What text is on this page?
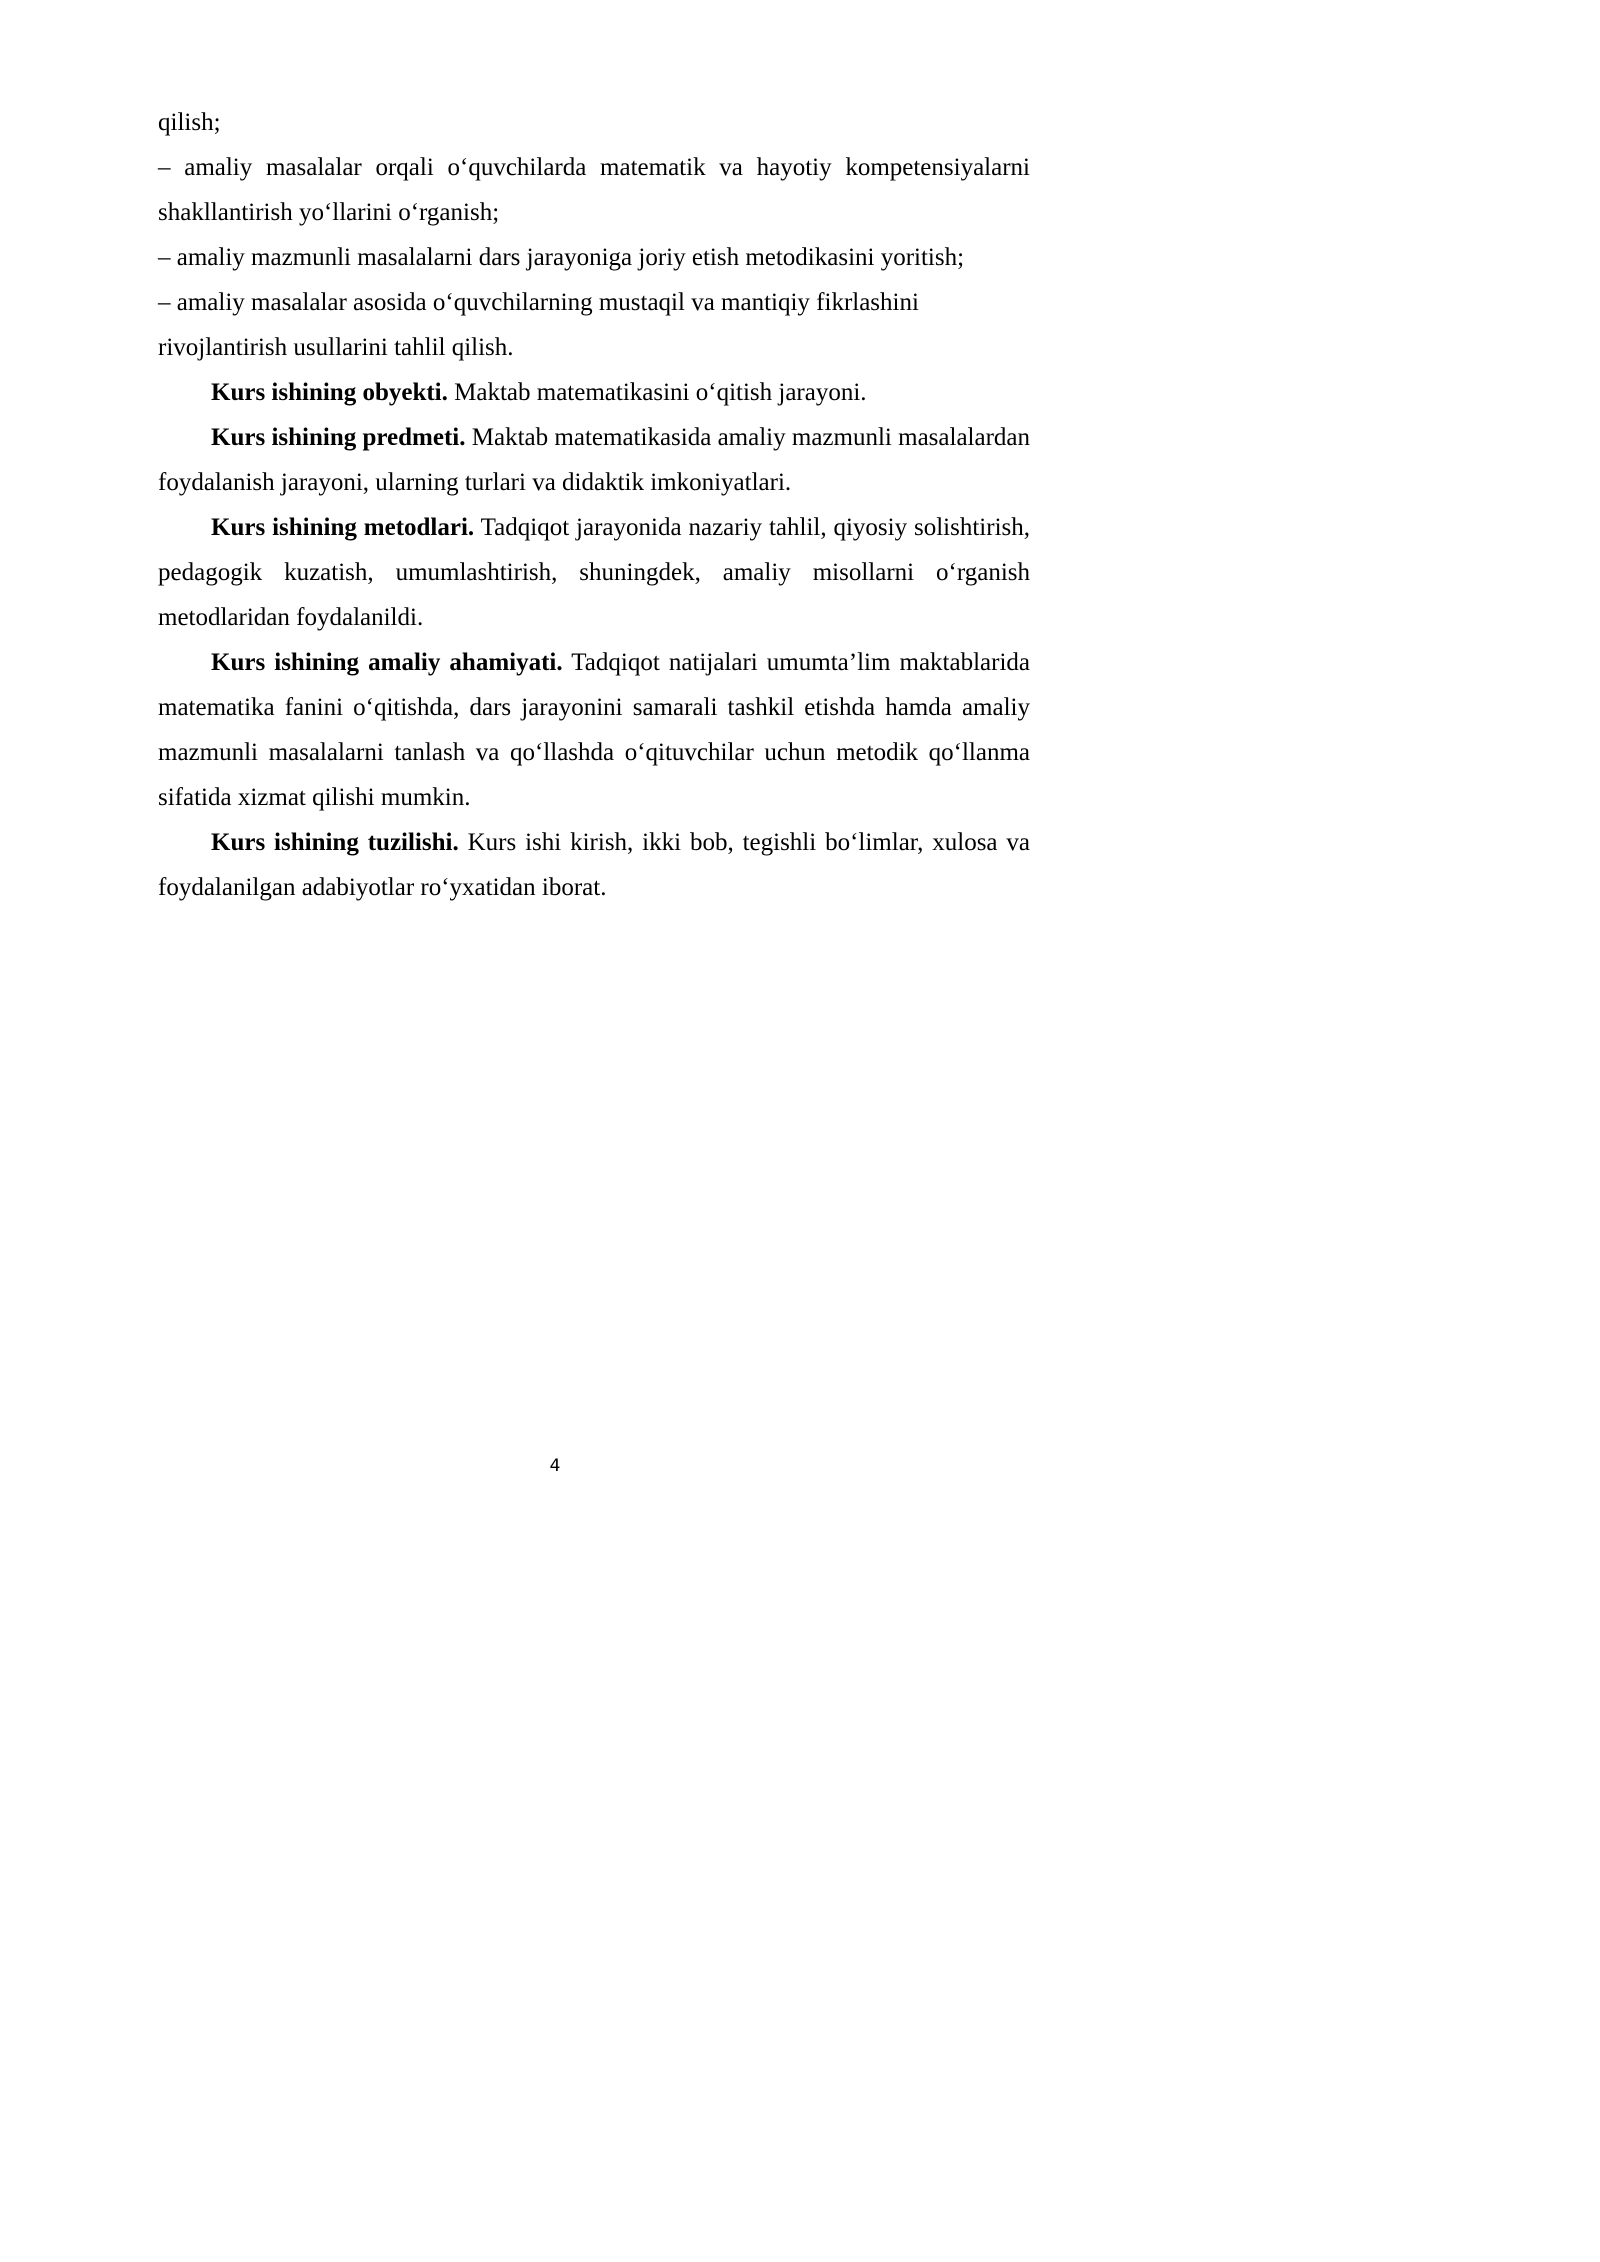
qilish;

– amaliy masalalar orqali o‘quvchilarda matematik va hayotiy kompetensiyalarni shakllantirish yo‘llarini o‘rganish;

– amaliy mazmunli masalalarni dars jarayoniga joriy etish metodikasini yoritish;

– amaliy masalalar asosida o‘quvchilarning mustaqil va mantiqiy fikrlashini rivojlantirish usullarini tahlil qilish.

Kurs ishining obyekti. Maktab matematikasini o‘qitish jarayoni.

Kurs ishining predmeti. Maktab matematikasida amaliy mazmunli masalalardan foydalanish jarayoni, ularning turlari va didaktik imkoniyatlari.

Kurs ishining metodlari. Tadqiqot jarayonida nazariy tahlil, qiyosiy solishtirish, pedagogik kuzatish, umumlashtirish, shuningdek, amaliy misollarni o‘rganish metodlaridan foydalanildi.

Kurs ishining amaliy ahamiyati. Tadqiqot natijalari umumta’lim maktablarida matematika fanini o‘qitishda, dars jarayonini samarali tashkil etishda hamda amaliy mazmunli masalalarni tanlash va qo‘llashda o‘qituvchilar uchun metodik qo‘llanma sifatida xizmat qilishi mumkin.

Kurs ishining tuzilishi. Kurs ishi kirish, ikki bob, tegishli bo‘limlar, xulosa va foydalanilgan adabiyotlar ro‘yxatidan iborat.

4
